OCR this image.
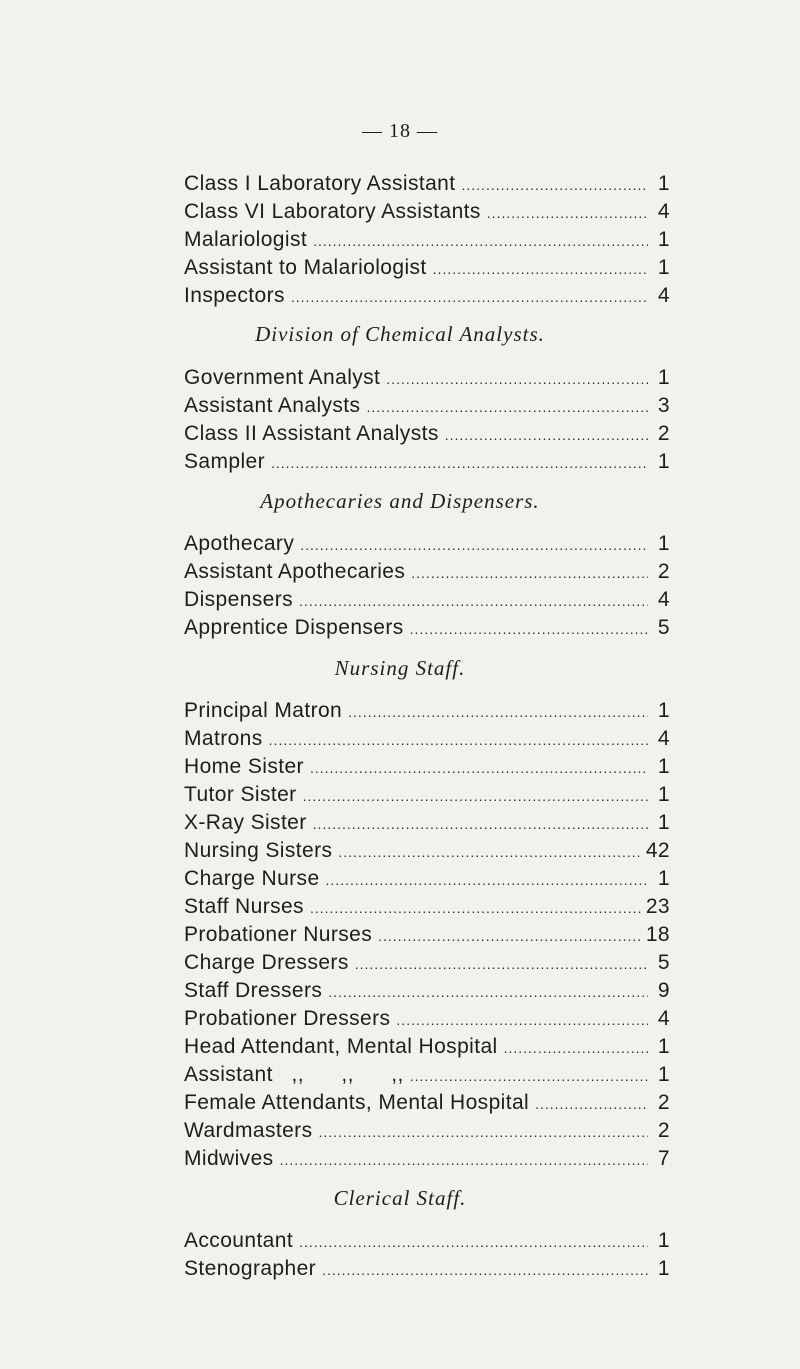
— 18 —
Division of Chemical Analysts.
Apothecaries and Dispensers.
Nursing Staff.
Clerical Staff.
Class I Laboratory Assistant .....	1
Class VI Laboratory Assistants .....	4
Malariologist .....	1
Assistant to Malariologist .....	1
Inspectors .....	4
Government Analyst .....	1
Assistant Analysts .....	3
Class II Assistant Analysts .....	2
Sampler .....	1
Apothecary .....	1
Assistant Apothecaries .....	2
Dispensers .....	4
Apprentice Dispensers .....	5
Principal Matron .....	1
Matrons .....	4
Home Sister .....	1
Tutor Sister .....	1
X-Ray Sister .....	1
Nursing Sisters .....	42
Charge Nurse .....	1
Staff Nurses .....	23
Probationer Nurses .....	18
Charge Dressers .....	5
Staff Dressers .....	9
Probationer Dressers .....	4
Head Attendant, Mental Hospital .....	1
Assistant   ,,      ,,      ,, .....	1
Female Attendants, Mental Hospital .....	2
Wardmasters .....	2
Midwives .....	7
Accountant .....	1
Stenographer .....	1
